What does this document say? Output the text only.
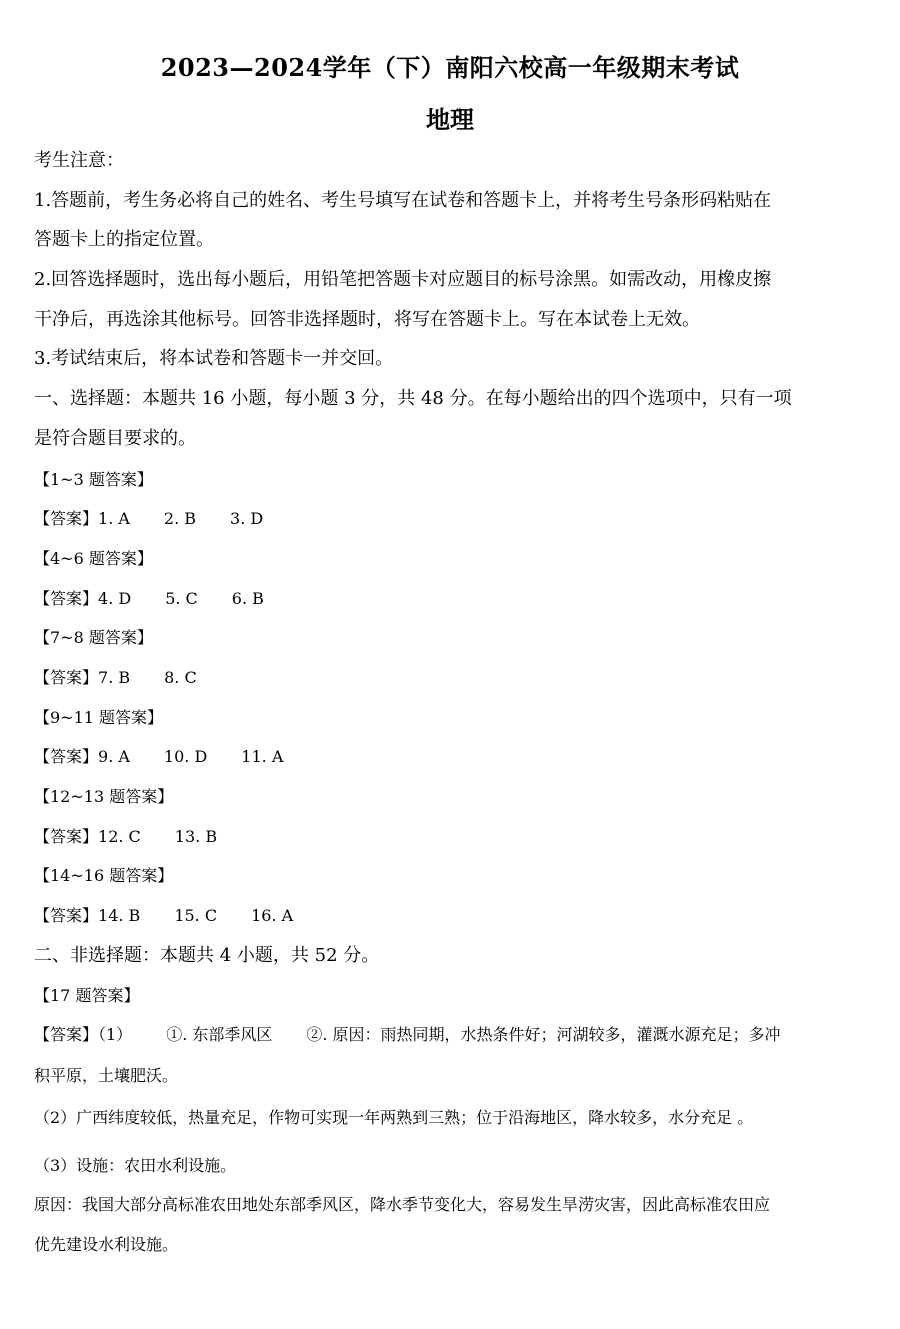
2023—2024学年（下）南阳六校高一年级期末考试
地理
考生注意：
1.答题前，考生务必将自己的姓名、考生号填写在试卷和答题卡上，并将考生号条形码粘贴在
答题卡上的指定位置。
2.回答选择题时，选出每小题后，用铅笔把答题卡对应题目的标号涂黑。如需改动，用橡皮擦
干净后，再选涂其他标号。回答非选择题时，将写在答题卡上。写在本试卷上无效。
3.考试结束后，将本试卷和答题卡一并交回。
一、选择题：本题共 16 小题，每小题 3 分，共 48 分。在每小题给出的四个选项中，只有一项
是符合题目要求的。
【1~3 题答案】
【答案】1. A 2. B 3. D
【4~6 题答案】
【答案】4. D 5. C 6. B
【7~8 题答案】
【答案】7. B 8. C
【9~11 题答案】
【答案】9. A 10. D 11. A
【12~13 题答案】
【答案】12. C 13. B
【14~16 题答案】
【答案】14. B 15. C 16. A
二、非选择题：本题共 4 小题，共 52 分。
【17 题答案】
【答案】（1） ①. 东部季风区 ②. 原因：雨热同期，水热条件好；河湖较多，灌溉水源充足；多冲
积平原，土壤肥沃。
（2）广西纬度较低，热量充足，作物可实现一年两熟到三熟；位于沿海地区，降水较多，水分充足 。
（3）设施：农田水利设施。
原因：我国大部分高标准农田地处东部季风区，降水季节变化大，容易发生旱涝灾害，因此高标准农田应
优先建设水利设施。
